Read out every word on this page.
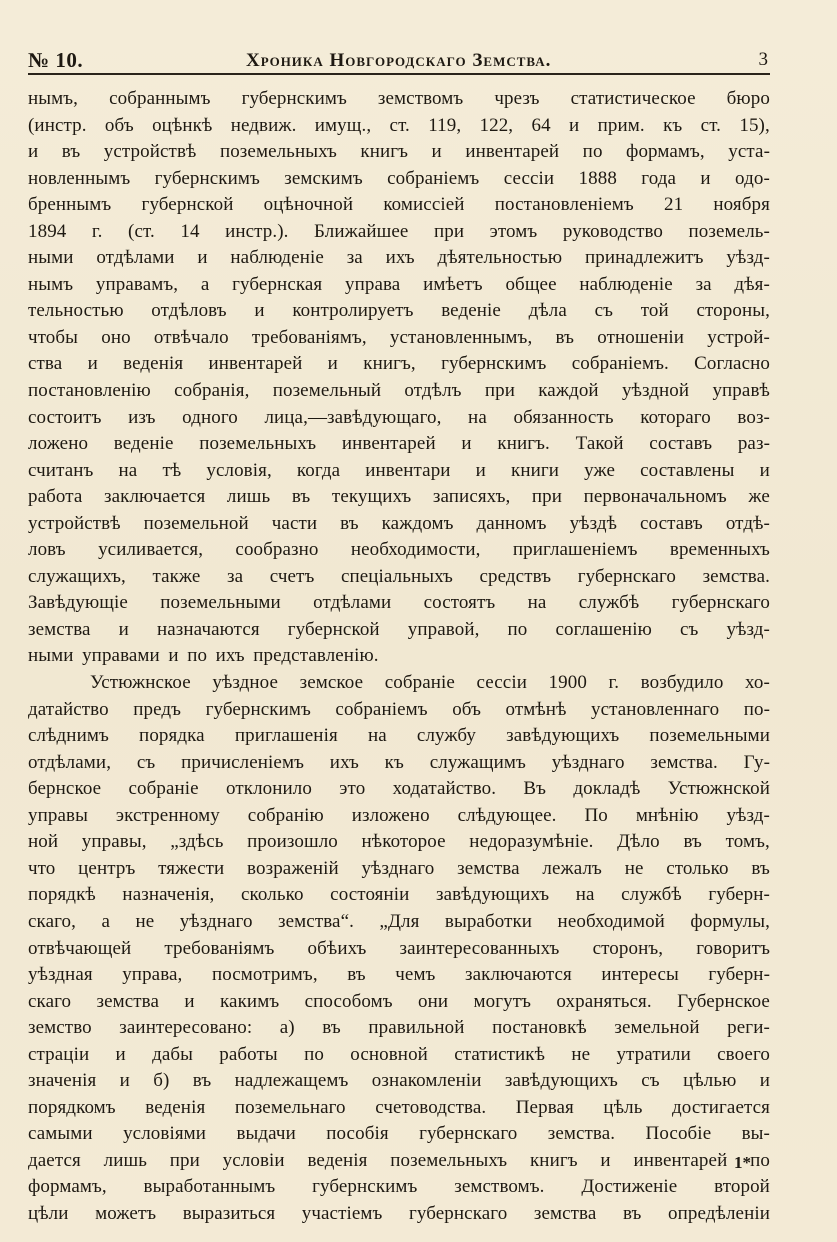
№ 10.	Хроника Новгородскаго Земства.	3
нымъ, собраннымъ губернскимъ земствомъ чрезъ статистическое бюро
(инстр. объ оцѣнкѣ недвиж. имущ., ст. 119, 122, 64 и прим. къ ст. 15),
и въ устройствѣ поземельныхъ книгъ и инвентарей по формамъ, уста-
новленнымъ губернскимъ земскимъ собраніемъ сессіи 1888 года и одо-
бреннымъ губернской оцѣночной комиссіей постановленіемъ 21 ноября
1894 г. (ст. 14 инстр.). Ближайшее при этомъ руководство поземель-
ными отдѣлами и наблюденіе за ихъ дѣятельностью принадлежитъ уѣзд-
нымъ управамъ, а губернская управа имѣетъ общее наблюденіе за дѣя-
тельностью отдѣловъ и контролируетъ веденіе дѣла съ той стороны,
чтобы оно отвѣчало требованіямъ, установленнымъ, въ отношеніи устрой-
ства и веденія инвентарей и книгъ, губернскимъ собраніемъ. Согласно
постановленію собранія, поземельный отдѣлъ при каждой уѣздной управѣ
состоитъ изъ одного лица,—завѣдующаго, на обязанность котораго воз-
ложено веденіе поземельныхъ инвентарей и книгъ. Такой составъ раз-
считанъ на тѣ условія, когда инвентари и книги уже составлены и
работа заключается лишь въ текущихъ записяхъ, при первоначальномъ же
устройствѣ поземельной части въ каждомъ данномъ уѣздѣ составъ отдѣ-
ловъ усиливается, сообразно необходимости, приглашеніемъ временныхъ
служащихъ, также за счетъ спеціальныхъ средствъ губернскаго земства.
Завѣдующіе поземельными отдѣлами состоятъ на службѣ губернскаго
земства и назначаются губернской управой, по соглашенію съ уѣзд-
ными управами и по ихъ представленію.
Устюжнское уѣздное земское собраніе сессіи 1900 г. возбудило хо-
датайство предъ губернскимъ собраніемъ объ отмѣнѣ установленнаго по-
слѣднимъ порядка приглашенія на службу завѣдующихъ поземельными
отдѣлами, съ причисленіемъ ихъ къ служащимъ уѣзднаго земства. Гу-
бернское собраніе отклонило это ходатайство. Въ докладѣ Устюжнской
управы экстренному собранію изложено слѣдующее. По мнѣнію уѣзд-
ной управы, „здѣсь произошло нѣкоторое недоразумѣніе. Дѣло въ томъ,
что центръ тяжести возраженій уѣзднаго земства лежалъ не столько въ
порядкѣ назначенія, сколько состояніи завѣдующихъ на службѣ губерн-
скаго, а не уѣзднаго земства“. „Для выработки необходимой формулы,
отвѣчающей требованіямъ обѣихъ заинтересованныхъ сторонъ, говоритъ
уѣздная управа, посмотримъ, въ чемъ заключаются интересы губерн-
скаго земства и какимъ способомъ они могутъ охраняться. Губернское
земство заинтересовано: а) въ правильной постановкѣ земельной реги-
страціи и дабы работы по основной статистикѣ не утратили своего
значенія и б) въ надлежащемъ ознакомленіи завѣдующихъ съ цѣлью и
порядкомъ веденія поземельнаго счетоводства. Первая цѣль достигается
самыми условіями выдачи пособія губернскаго земства. Пособіе вы-
дается лишь при условіи веденія поземельныхъ книгъ и инвентарей по
формамъ, выработаннымъ губернскимъ земствомъ. Достиженіе второй
цѣли можетъ выразиться участіемъ губернскаго земства въ опредѣленіи
1*
